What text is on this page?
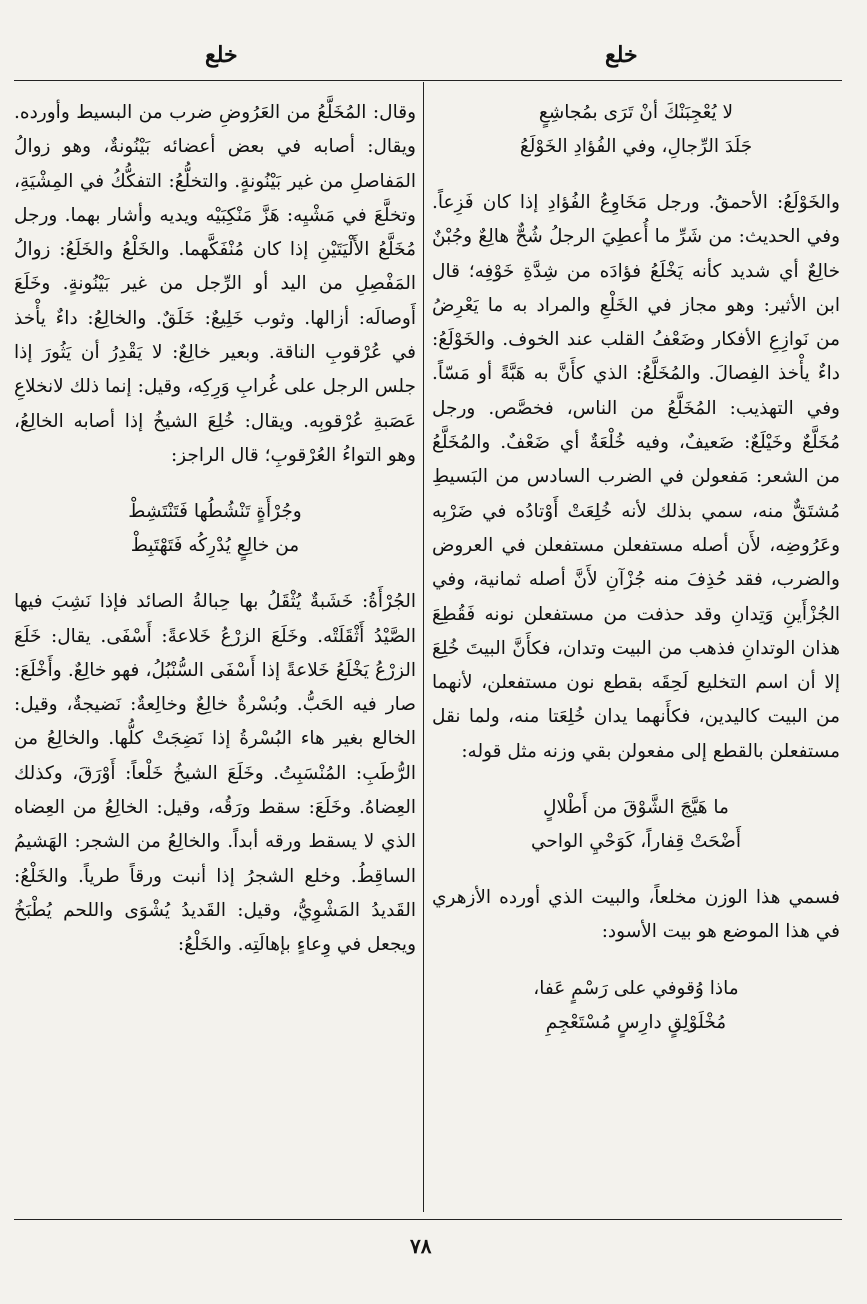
خلع
خلع

لا يُعْجِبَنْكَ أنْ تَرَى بمُجاشِعٍ

جَلَدَ الرِّجالِ، وفي الفُؤادِ الخَوْلَعُ

والخَوْلَعُ: الأحمقُ. ورجل مَخَاوِعُ الفُؤادِ إذا كان فَزِعاً. وفي الحديث: من شَرِّ ما أُعطِيَ الرجلُ شُحٌّ هالِعٌ وجُبْنٌ خالِعٌ أي شديد كأنه يَخْلَعُ فؤادَه من شِدَّةِ خَوْفِه؛ قال ابن الأثير: وهو مجاز في الخَلْعِ والمراد به ما يَعْرِضُ من نَوازِعِ الأفكار وضَعْفُ القلب عند الخوف. والخَوْلَعُ: داءٌ يأْخذ الفِصالَ. والمُخَلَّعُ: الذي كأَنَّ به هَبَّةً أو مَسّاً. وفي التهذيب: المُخَلَّعُ من الناس، فخصَّص. ورجل مُخَلَّعٌ وخَيْلَعٌ: ضَعيفٌ، وفيه خُلْعَةٌ أي ضَعْفٌ. والمُخَلَّعُ من الشعر: مَفعولن في الضرب السادس من البَسيطِ مُشتَقٌّ منه، سمي بذلك لأنه خُلِعَتْ أَوْتادُه في ضَرْبِه وعَرُوضِه، لأَن أصله مستفعلن مستفعلن في العروض والضرب، فقد حُذِفَ منه جُزْآنِ لأَنَّ أصله ثمانية، وفي الجُزْأَينِ وَتِدانِ وقد حذفت من مستفعلن نونه فَقُطِعَ هذان الوتدانِ فذهب من البيت وتدان، فكأَنَّ البيتَ خُلِعَ إلا أن اسم التخليع لَحِقَه بقطع نون مستفعلن، لأنهما من البيت كاليدين، فكأَنهما يدان خُلِعَتا منه، ولما نقل مستفعلن بالقطع إلى مفعولن بقي وزنه مثل قوله:

ما هَيَّجَ الشَّوْقَ من أَطْلالٍ

أَضْحَتْ قِفاراً، كَوَحْيِ الواحي

فسمي هذا الوزن مخلعاً، والبيت الذي أورده الأزهري في هذا الموضع هو بيت الأسود:

ماذا وُقوفي على رَسْمٍ عَفا،

مُخْلَوْلِقٍ دارِسٍ مُسْتَعْجِمِ

وقال: المُخَلَّعُ من العَرُوضِ ضرب من البسيط وأورده. ويقال: أصابه في بعض أعضائه بَيْنُونةٌ، وهو زوالُ المَفاصلِ من غير بَيْنُونةٍ. والتخلُّعُ: التفكُّكُ في المِشْيَةِ، وتخلَّعَ في مَشْيِه: هَزَّ مَنْكِبَيْه ويديه وأشار بهما. ورجل مُخَلَّعُ الأَلْيَتَيْنِ إذا كان مُنْفَكَّهما. والخَلْعُ والخَلَعُ: زوالُ المَفْصِلِ من اليد أو الرِّجل من غير بَيْنُونةٍ. وخَلَعَ أَوصالَه: أزالها. وثوب خَلِيعٌ: خَلَقٌ. والخالِعُ: داءٌ يأْخذ في عُرْقوبِ الناقة. وبعير خالِعٌ: لا يَقْدِرُ أن يَثُورَ إذا جلس الرجل على غُرابِ وَرِكِه، وقيل: إنما ذلك لانخلاعِ عَصَبةِ عُرْقوبِه. ويقال: خُلِعَ الشيخُ إذا أصابه الخالِعُ، وهو التواءُ العُرْقوبِ؛ قال الراجز:

وجُرْأَةٍ تَنْشُطُها فَتَنْتَشِطْ

من خالِعٍ يُدْرِكُه فَتَهْتَبِطْ

الجُرْأَةُ: خَشَبةٌ يُثْقَلُ بها حِبالةُ الصائد فإذا نَشِبَ فيها الصَّيْدُ أَثْقَلَتْه. وخَلَعَ الزرْعُ خَلاعةً: أَسْفَى. يقال: خَلَعَ الزرْعُ يَخْلَعُ خَلاعةً إذا أَسْفَى السُّنْبُلُ، فهو خالِعٌ. وأَخْلَعَ: صار فيه الحَبُّ. وبُسْرةٌ خالِعٌ وخالِعةٌ: نَضيجةٌ، وقيل: الخالع بغير هاء البُسْرةُ إذا نَضِجَتْ كلُّها. والخالِعُ من الرُّطَبِ: المُنْسَبِتُ. وخَلَعَ الشيخُ خَلْعاً: أَوْرَقَ، وكذلك العِضاهُ. وخَلَعَ: سقط ورَقُه، وقيل: الخالِعُ من العِضاه الذي لا يسقط ورقه أبداً. والخالِعُ من الشجر: الهَشيمُ الساقِطُ. وخلع الشجرُ إذا أنبت ورقاً طرياً. والخَلْعُ: القَديدُ المَشْوِيُّ، وقيل: القَديدُ يُشْوَى واللحم يُطْبَخُ ويجعل في وِعاءٍ بإهالَتِه. والخَلْعُ:

٧٨
